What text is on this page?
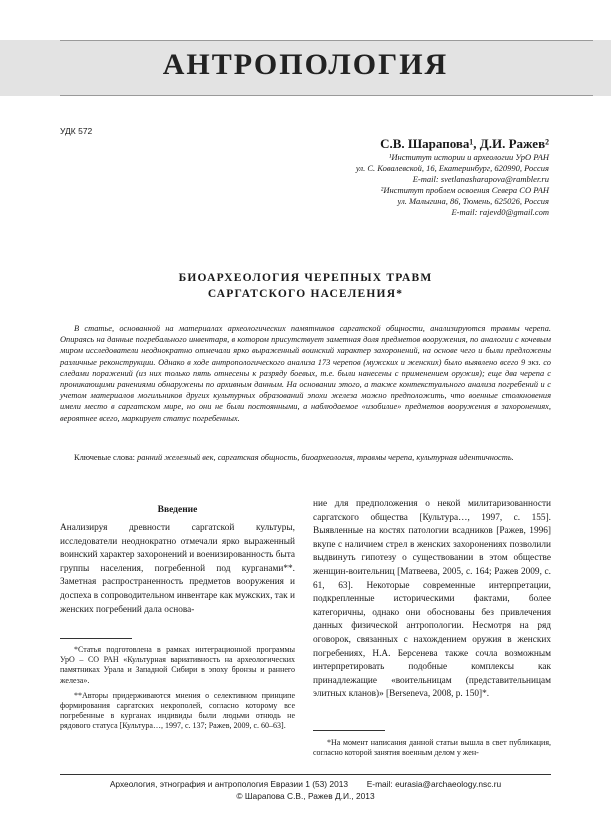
АНТРОПОЛОГИЯ
УДК 572
С.В. Шарапова¹, Д.И. Ражев²
¹Институт истории и археологии УрО РАН
ул. С. Ковалевской, 16, Екатеринбург, 620990, Россия
E-mail: svetlanasharapova@rambler.ru
²Институт проблем освоения Севера СО РАН
ул. Малыгина, 86, Тюмень, 625026, Россия
E-mail: rajevd0@gmail.com
БИОАРХЕОЛОГИЯ ЧЕРЕПНЫХ ТРАВМ
САРГАТСКОГО НАСЕЛЕНИЯ*

В статье, основанной на материалах археологических памятников саргатской общности, анализируются травмы черепа. Опираясь на данные погребального инвентаря, в котором присутствует заметная доля предметов вооружения, по аналогии с кочевым миром исследователи неоднократно отмечали ярко выраженный воинский характер захоронений, на основе чего и были предложены различные реконструкции. Однако в ходе антропологического анализа 173 черепов (мужских и женских) было выявлено всего 9 экз. со следами поражений (из них только пять отнесены к разряду боевых, т.е. были нанесены с применением оружия); еще два черепа с проникающими ранениями обнаружены по архивным данным. На основании этого, а также контекстуального анализа погребений и с учетом материалов могильников других культурных образований эпохи железа можно предположить, что военные столкновения имели место в саргатском мире, но они не были постоянными, а наблюдаемое «изобилие» предметов вооружения в захоронениях, вероятнее всего, маркирует статус погребенных.

Ключевые слова: ранний железный век, саргатская общность, биоархеология, травмы черепа, культурная идентичность.
Введение

Анализируя древности саргатской культуры, исследователи неоднократно отмечали ярко выраженный воинский характер захоронений и военизированность быта группы населения, погребенной под курганами**. Заметная распространенность предметов вооружения и доспеха в сопроводительном инвентаре как мужских, так и женских погребений дала основа-

*Статья подготовлена в рамках интеграционной программы УрО – СО РАН «Культурная вариативность на археологических памятниках Урала и Западной Сибири в эпоху бронзы и раннего железа».

**Авторы придерживаются мнения о селективном принципе формирования саргатских некрополей, согласно которому все погребенные в курганах индивиды были людьми отнюдь не рядового статуса [Культура…, 1997, с. 137; Ражев, 2009, с. 60–63].

ние для предположения о некой милитаризованности саргатского общества [Культура…, 1997, с. 155]. Выявленные на костях патологии всадников [Ражев, 1996] вкупе с наличием стрел в женских захоронениях позволили выдвинуть гипотезу о существовании в этом обществе женщин-воительниц [Матвеева, 2005, с. 164; Ражев 2009, с. 61, 63]. Некоторые современные интерпретации, подкрепленные историческими фактами, более категоричны, однако они обоснованы без привлечения данных физической антропологии. Несмотря на ряд оговорок, связанных с нахождением оружия в женских погребениях, Н.А. Берсенева также сочла возможным интерпретировать подобные комплексы как принадлежащие «воительницам (представительницам элитных кланов)» [Berseneva, 2008, p. 150]*.

*На момент написания данной статьи вышла в свет публикация, согласно которой занятия военным делом у жен-
Археология, этнография и антропология Евразии 1 (53) 2013 E-mail: eurasia@archaeology.nsc.ru
© Шарапова С.В., Ражев Д.И., 2013
